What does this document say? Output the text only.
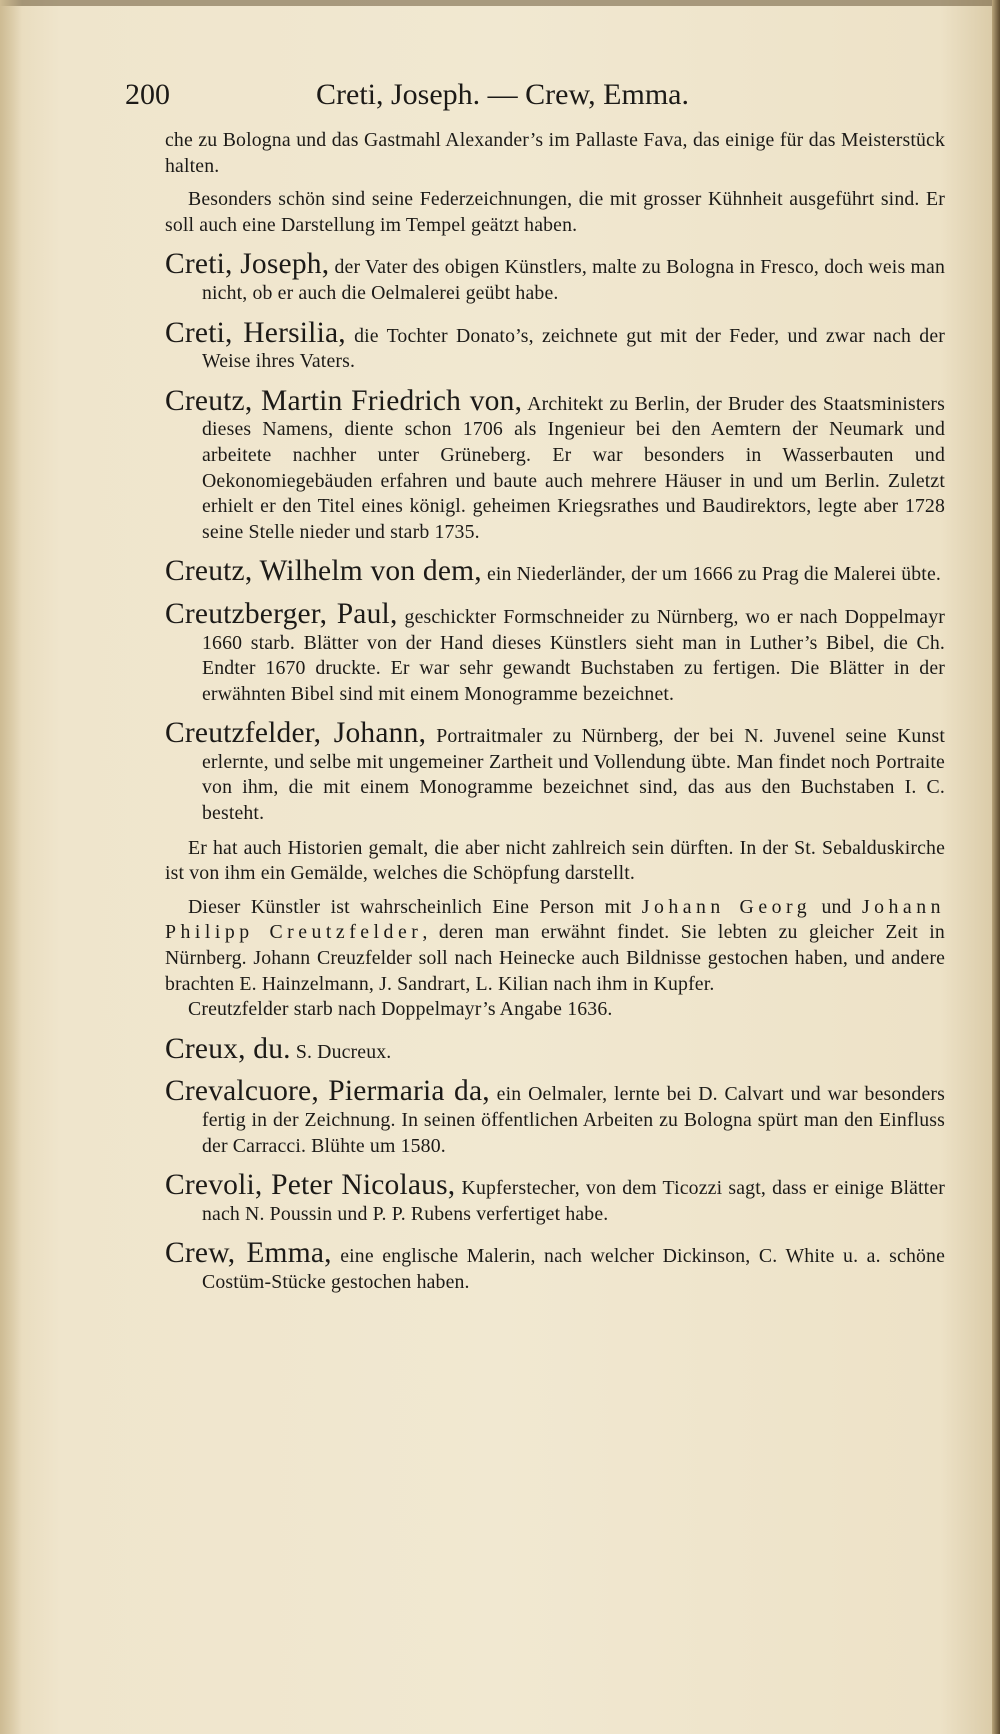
200	Creti, Joseph. — Crew, Emma.

che zu Bologna und das Gastmahl Alexander’s im Pallaste Fava, das einige für das Meisterstück halten.

Besonders schön sind seine Federzeichnungen, die mit grosser Kühnheit ausgeführt sind. Er soll auch eine Darstellung im Tempel geätzt haben.

Creti, Joseph, der Vater des obigen Künstlers, malte zu Bologna in Fresco, doch weis man nicht, ob er auch die Oelmalerei geübt habe.

Creti, Hersilia, die Tochter Donato’s, zeichnete gut mit der Feder, und zwar nach der Weise ihres Vaters.

Creutz, Martin Friedrich von, Architekt zu Berlin, der Bruder des Staatsministers dieses Namens, diente schon 1706 als Ingenieur bei den Aemtern der Neumark und arbeitete nachher unter Grüneberg. Er war besonders in Wasserbauten und Oekonomiegebäuden erfahren und baute auch mehrere Häuser in und um Berlin. Zuletzt erhielt er den Titel eines königl. geheimen Kriegsrathes und Baudirektors, legte aber 1728 seine Stelle nieder und starb 1735.

Creutz, Wilhelm von dem, ein Niederländer, der um 1666 zu Prag die Malerei übte.

Creutzberger, Paul, geschickter Formschneider zu Nürnberg, wo er nach Doppelmayr 1660 starb. Blätter von der Hand dieses Künstlers sieht man in Luther’s Bibel, die Ch. Endter 1670 druckte. Er war sehr gewandt Buchstaben zu fertigen. Die Blätter in der erwähnten Bibel sind mit einem Monogramme bezeichnet.

Creutzfelder, Johann, Portraitmaler zu Nürnberg, der bei N. Juvenel seine Kunst erlernte, und selbe mit ungemeiner Zartheit und Vollendung übte. Man findet noch Portraite von ihm, die mit einem Monogramme bezeichnet sind, das aus den Buchstaben I. C. besteht.

Er hat auch Historien gemalt, die aber nicht zahlreich sein dürften. In der St. Sebalduskirche ist von ihm ein Gemälde, welches die Schöpfung darstellt.

Dieser Künstler ist wahrscheinlich Eine Person mit Johann Georg und Johann Philipp Creutzfelder, deren man erwähnt findet. Sie lebten zu gleicher Zeit in Nürnberg. Johann Creuzfelder soll nach Heinecke auch Bildnisse gestochen haben, und andere brachten E. Hainzelmann, J. Sandrart, L. Kilian nach ihm in Kupfer.

Creutzfelder starb nach Doppelmayr’s Angabe 1636.

Creux, du. S. Ducreux.

Crevalcuore, Piermaria da, ein Oelmaler, lernte bei D. Calvart und war besonders fertig in der Zeichnung. In seinen öffentlichen Arbeiten zu Bologna spürt man den Einfluss der Carracci. Blühte um 1580.

Crevoli, Peter Nicolaus, Kupferstecher, von dem Ticozzi sagt, dass er einige Blätter nach N. Poussin und P. P. Rubens verfertiget habe.

Crew, Emma, eine englische Malerin, nach welcher Dickinson, C. White u. a. schöne Costüm-Stücke gestochen haben.
